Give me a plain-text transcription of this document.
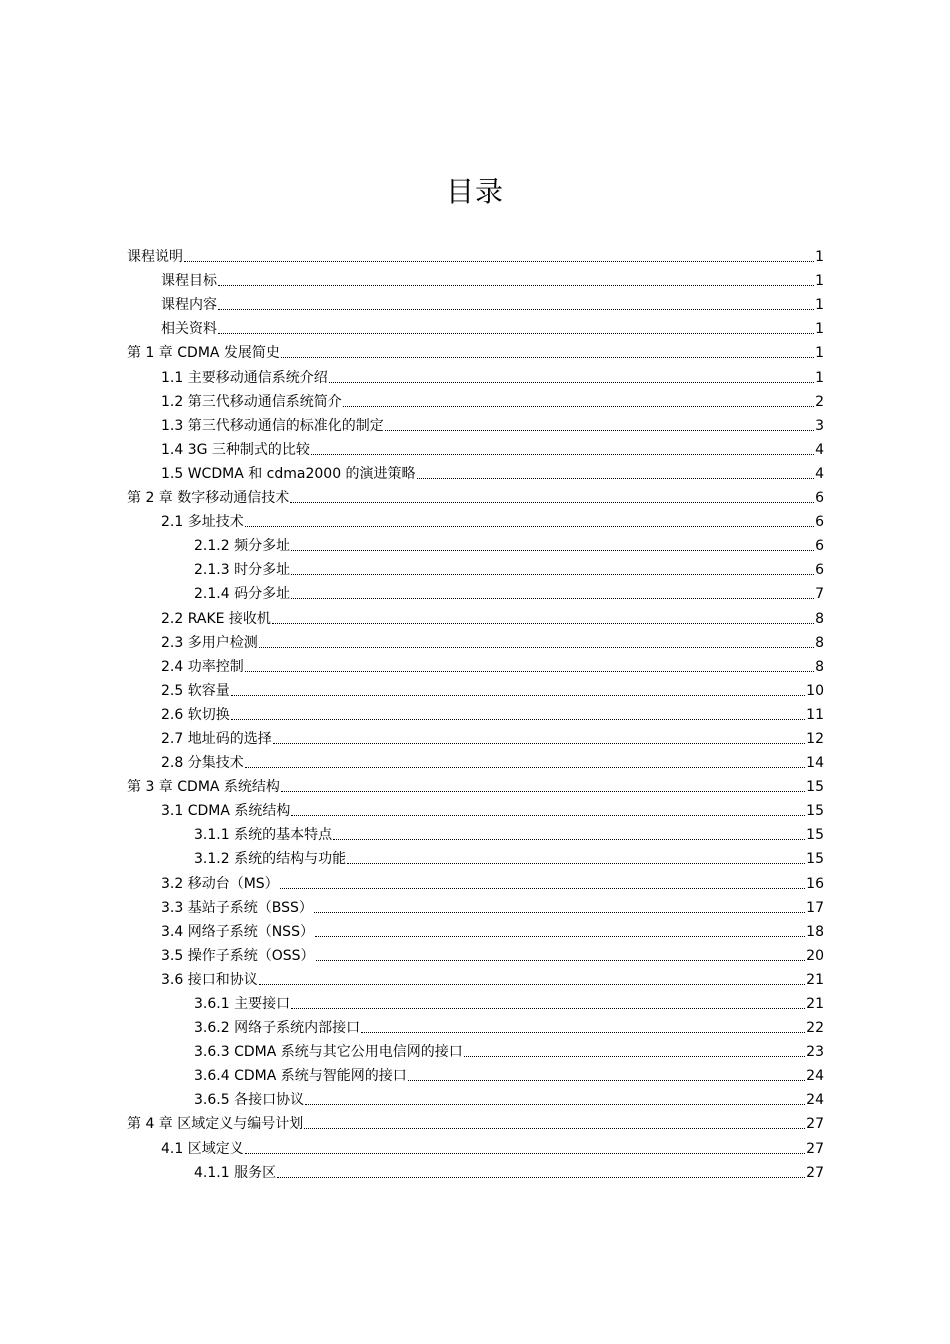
目录
课程说明	1
课程目标	1
课程内容	1
相关资料	1
第 1 章 CDMA 发展简史	1
1.1 主要移动通信系统介绍	1
1.2 第三代移动通信系统简介	2
1.3 第三代移动通信的标准化的制定	3
1.4 3G 三种制式的比较	4
1.5 WCDMA 和 cdma2000 的演进策略	4
第 2 章 数字移动通信技术	6
2.1 多址技术	6
2.1.2 频分多址	6
2.1.3 时分多址	6
2.1.4 码分多址	7
2.2 RAKE 接收机	8
2.3 多用户检测	8
2.4 功率控制	8
2.5 软容量	10
2.6 软切换	11
2.7 地址码的选择	12
2.8 分集技术	14
第 3 章 CDMA 系统结构	15
3.1 CDMA 系统结构	15
3.1.1 系统的基本特点	15
3.1.2 系统的结构与功能	15
3.2 移动台（MS）	16
3.3 基站子系统（BSS）	17
3.4 网络子系统（NSS）	18
3.5 操作子系统（OSS）	20
3.6 接口和协议	21
3.6.1 主要接口	21
3.6.2 网络子系统内部接口	22
3.6.3 CDMA 系统与其它公用电信网的接口	23
3.6.4 CDMA 系统与智能网的接口	24
3.6.5 各接口协议	24
第 4 章 区域定义与编号计划	27
4.1 区域定义	27
4.1.1 服务区	27
